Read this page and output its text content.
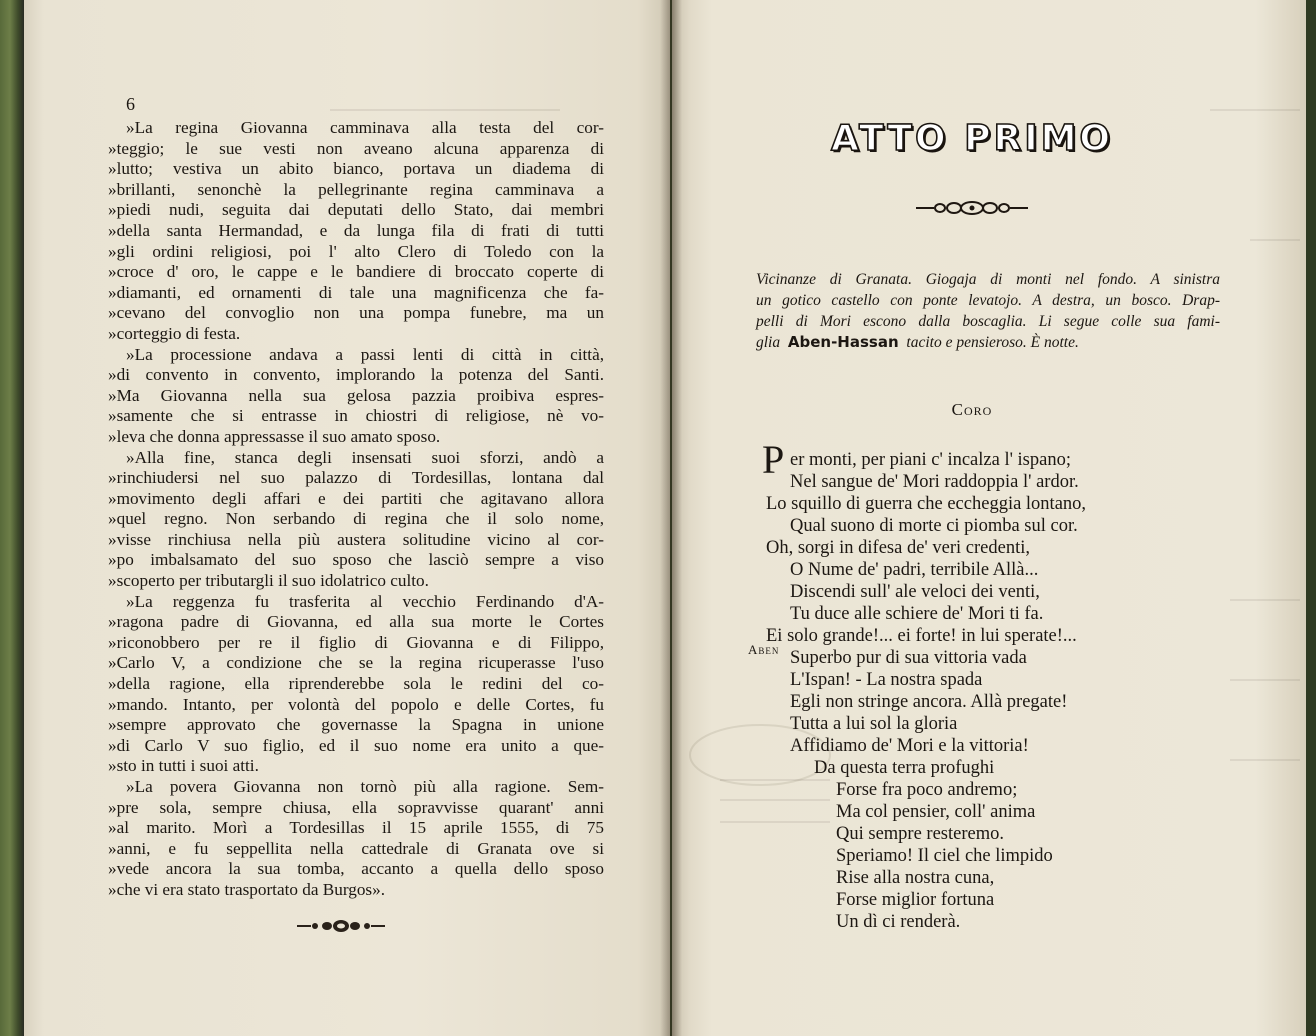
6
»La regina Giovanna camminava alla testa del cor-
»teggio; le sue vesti non aveano alcuna apparenza di
»lutto; vestiva un abito bianco, portava un diadema di
»brillanti, senonchè la pellegrinante regina camminava a
»piedi nudi, seguita dai deputati dello Stato, dai membri
»della santa Hermandad, e da lunga fila di frati di tutti
»gli ordini religiosi, poi l' alto Clero di Toledo con la
»croce d' oro, le cappe e le bandiere di broccato coperte di
»diamanti, ed ornamenti di tale una magnificenza che fa-
»cevano del convoglio non una pompa funebre, ma un
»corteggio di festa.
»La processione andava a passi lenti di città in città,
»di convento in convento, implorando la potenza del Santi.
»Ma Giovanna nella sua gelosa pazzia proibiva espres-
»samente che si entrasse in chiostri di religiose, nè vo-
»leva che donna appressasse il suo amato sposo.
»Alla fine, stanca degli insensati suoi sforzi, andò a
»rinchiudersi nel suo palazzo di Tordesillas, lontana dal
»movimento degli affari e dei partiti che agitavano allora
»quel regno. Non serbando di regina che il solo nome,
»visse rinchiusa nella più austera solitudine vicino al cor-
»po imbalsamato del suo sposo che lasciò sempre a viso
»scoperto per tributargli il suo idolatrico culto.
»La reggenza fu trasferita al vecchio Ferdinando d'A-
»ragona padre di Giovanna, ed alla sua morte le Cortes
»riconobbero per re il figlio di Giovanna e di Filippo,
»Carlo V, a condizione che se la regina ricuperasse l'uso
»della ragione, ella riprenderebbe sola le redini del co-
»mando. Intanto, per volontà del popolo e delle Cortes, fu
»sempre approvato che governasse la Spagna in unione
»di Carlo V suo figlio, ed il suo nome era unito a que-
»sto in tutti i suoi atti.
»La povera Giovanna non tornò più alla ragione. Sem-
»pre sola, sempre chiusa, ella sopravvisse quarant' anni
»al marito. Morì a Tordesillas il 15 aprile 1555, di 75
»anni, e fu seppellita nella cattedrale di Granata ove si
»vede ancora la sua tomba, accanto a quella dello sposo
»che vi era stato trasportato da Burgos».
ATTO PRIMO
Vicinanze di Granata. Giogaja di monti nel fondo. A sinistra
un gotico castello con ponte levatojo. A destra, un bosco. Drap-
pelli di Mori escono dalla boscaglia. Li segue colle sua fami-
glia Aben-Hassan tacito e pensieroso. È notte.
Coro
P
Aben
er monti, per piani c' incalza l' ispano;
Nel sangue de' Mori raddoppia l' ardor.
Lo squillo di guerra che eccheggia lontano,
Qual suono di morte ci piomba sul cor.
Oh, sorgi in difesa de' veri credenti,
O Nume de' padri, terribile Allà...
Discendi sull' ale veloci dei venti,
Tu duce alle schiere de' Mori ti fa.
Ei solo grande!... ei forte! in lui sperate!...
Superbo pur di sua vittoria vada
L'Ispan! - La nostra spada
Egli non stringe ancora. Allà pregate!
Tutta a lui sol la gloria
Affidiamo de' Mori e la vittoria!
Da questa terra profughi
Forse fra poco andremo;
Ma col pensier, coll' anima
Qui sempre resteremo.
Speriamo! Il ciel che limpido
Rise alla nostra cuna,
Forse miglior fortuna
Un dì ci renderà.
